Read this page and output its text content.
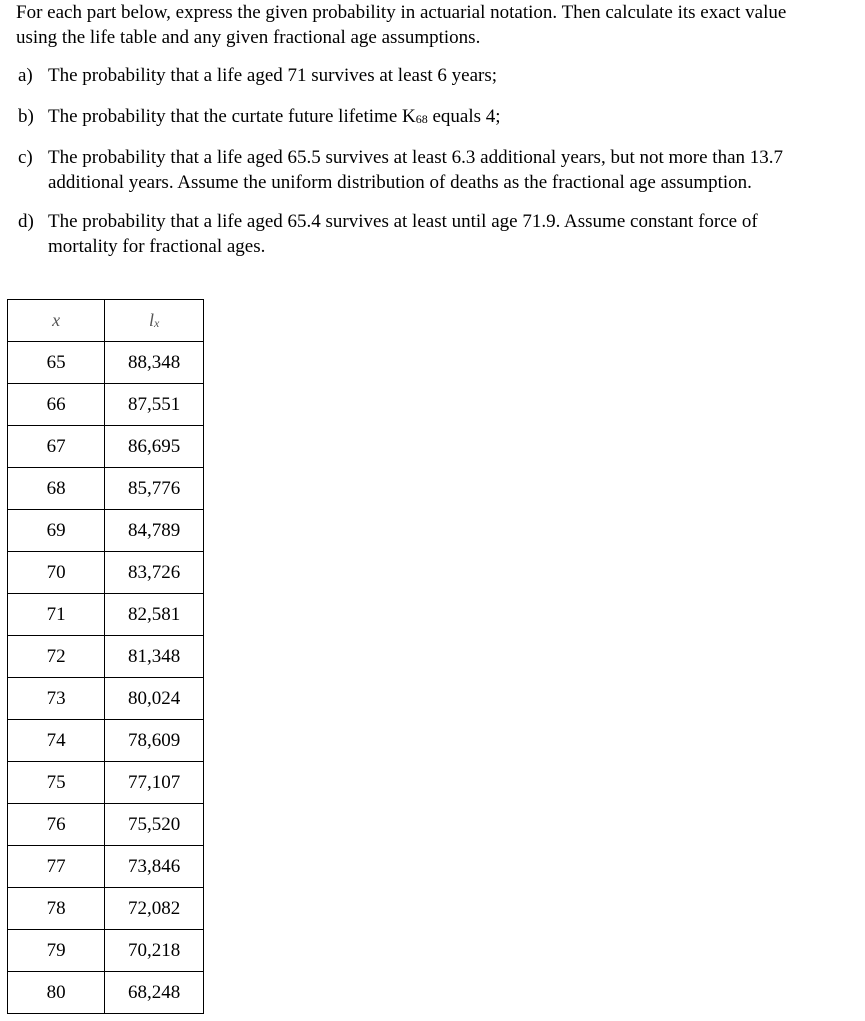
For each part below, express the given probability in actuarial notation. Then calculate its exact value
using the life table and any given fractional age assumptions.
a) The probability that a life aged 71 survives at least 6 years;
b) The probability that the curtate future lifetime K68 equals 4;
c) The probability that a life aged 65.5 survives at least 6.3 additional years, but not more than 13.7
additional years. Assume the uniform distribution of deaths as the fractional age assumption.
d) The probability that a life aged 65.4 survives at least until age 71.9. Assume constant force of
mortality for fractional ages.
x	lx
65	88,348
66	87,551
67	86,695
68	85,776
69	84,789
70	83,726
71	82,581
72	81,348
73	80,024
74	78,609
75	77,107
76	75,520
77	73,846
78	72,082
79	70,218
80	68,248
